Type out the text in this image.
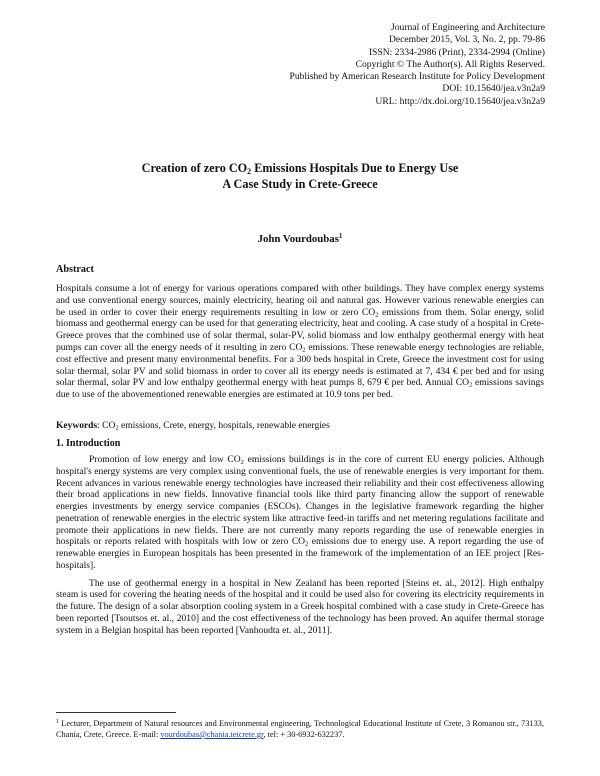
Journal of Engineering and Architecture
December 2015, Vol. 3, No. 2, pp. 79-86
ISSN: 2334-2986 (Print), 2334-2994 (Online)
Copyright © The Author(s). All Rights Reserved.
Published by American Research Institute for Policy Development
DOI: 10.15640/jea.v3n2a9
URL: http://dx.doi.org/10.15640/jea.v3n2a9
Creation of zero $CO_2$ Emissions Hospitals Due to Energy Use
A Case Study in Crete-Greece
John Vourdoubas$^1$
Abstract
Hospitals consume a lot of energy for various operations compared with other buildings. They have complex energy systems and use conventional energy sources, mainly electricity, heating oil and natural gas. However various renewable energies can be used in order to cover their energy requirements resulting in low or zero $CO_2$ emissions from them. Solar energy, solid biomass and geothermal energy can be used for that generating electricity, heat and cooling. A case study of a hospital in Crete-Greece proves that the combined use of solar thermal, solar-PV, solid biomass and low enthalpy geothermal energy with heat pumps can cover all the energy needs of it resulting in zero $CO_2$ emissions. These renewable energy technologies are reliable, cost effective and present many environmental benefits. For a 300 beds hospital in Crete, Greece the investment cost for using solar thermal, solar PV and solid biomass in order to cover all its energy needs is estimated at 7, 434 € per bed and for using solar thermal, solar PV and low enthalpy geothermal energy with heat pumps 8, 679 € per bed. Annual $CO_2$ emissions savings due to use of the abovementioned renewable energies are estimated at 10.9 tons per bed.
Keywords: $CO_2$ emissions, Crete, energy, hospitals, renewable energies
1. Introduction

Promotion of low energy and low CO₂ emissions buildings is in the core of current EU energy policies. Although hospital's energy systems are very complex using conventional fuels, the use of renewable energies is very important for them. Recent advances in various renewable energy technologies have increased their reliability and their cost effectiveness allowing their broad applications in new fields. Innovative financial tools like third party financing allow the support of renewable energies investments by energy service companies (ESCOs). Changes in the legislative framework regarding the higher penetration of renewable energies in the electric system like attractive feed-in tariffs and net metering regulations facilitate and promote their applications in new fields. There are not currently many reports regarding the use of renewable energies in hospitals or reports related with hospitals with low or zero $CO_2$ emissions due to energy use. A report regarding the use of renewable energies in European hospitals has been presented in the framework of the implementation of an IEE project [Res-hospitals].

The use of geothermal energy in a hospital in New Zealand has been reported [Steins et. al., 2012]. High enthalpy steam is used for covering the heating needs of the hospital and it could be used also for covering its electricity requirements in the future. The design of a solar absorption cooling system in a Greek hospital combined with a case study in Crete-Greece has been reported [Tsoutsos et. al., 2010] and the cost effectiveness of the technology has been proved. An aquifer thermal storage system in a Belgian hospital has been reported [Vanhoudta et. al., 2011].

$^1$ Lecturer, Department of Natural resources and Environmental engineering, Technological Educational Institute of Crete, 3 Romanou str., 73133, Chania, Crete, Greece. E-mail: vourdoubas@chania.teicrete.gr, tel: + 30-6932-632237.
